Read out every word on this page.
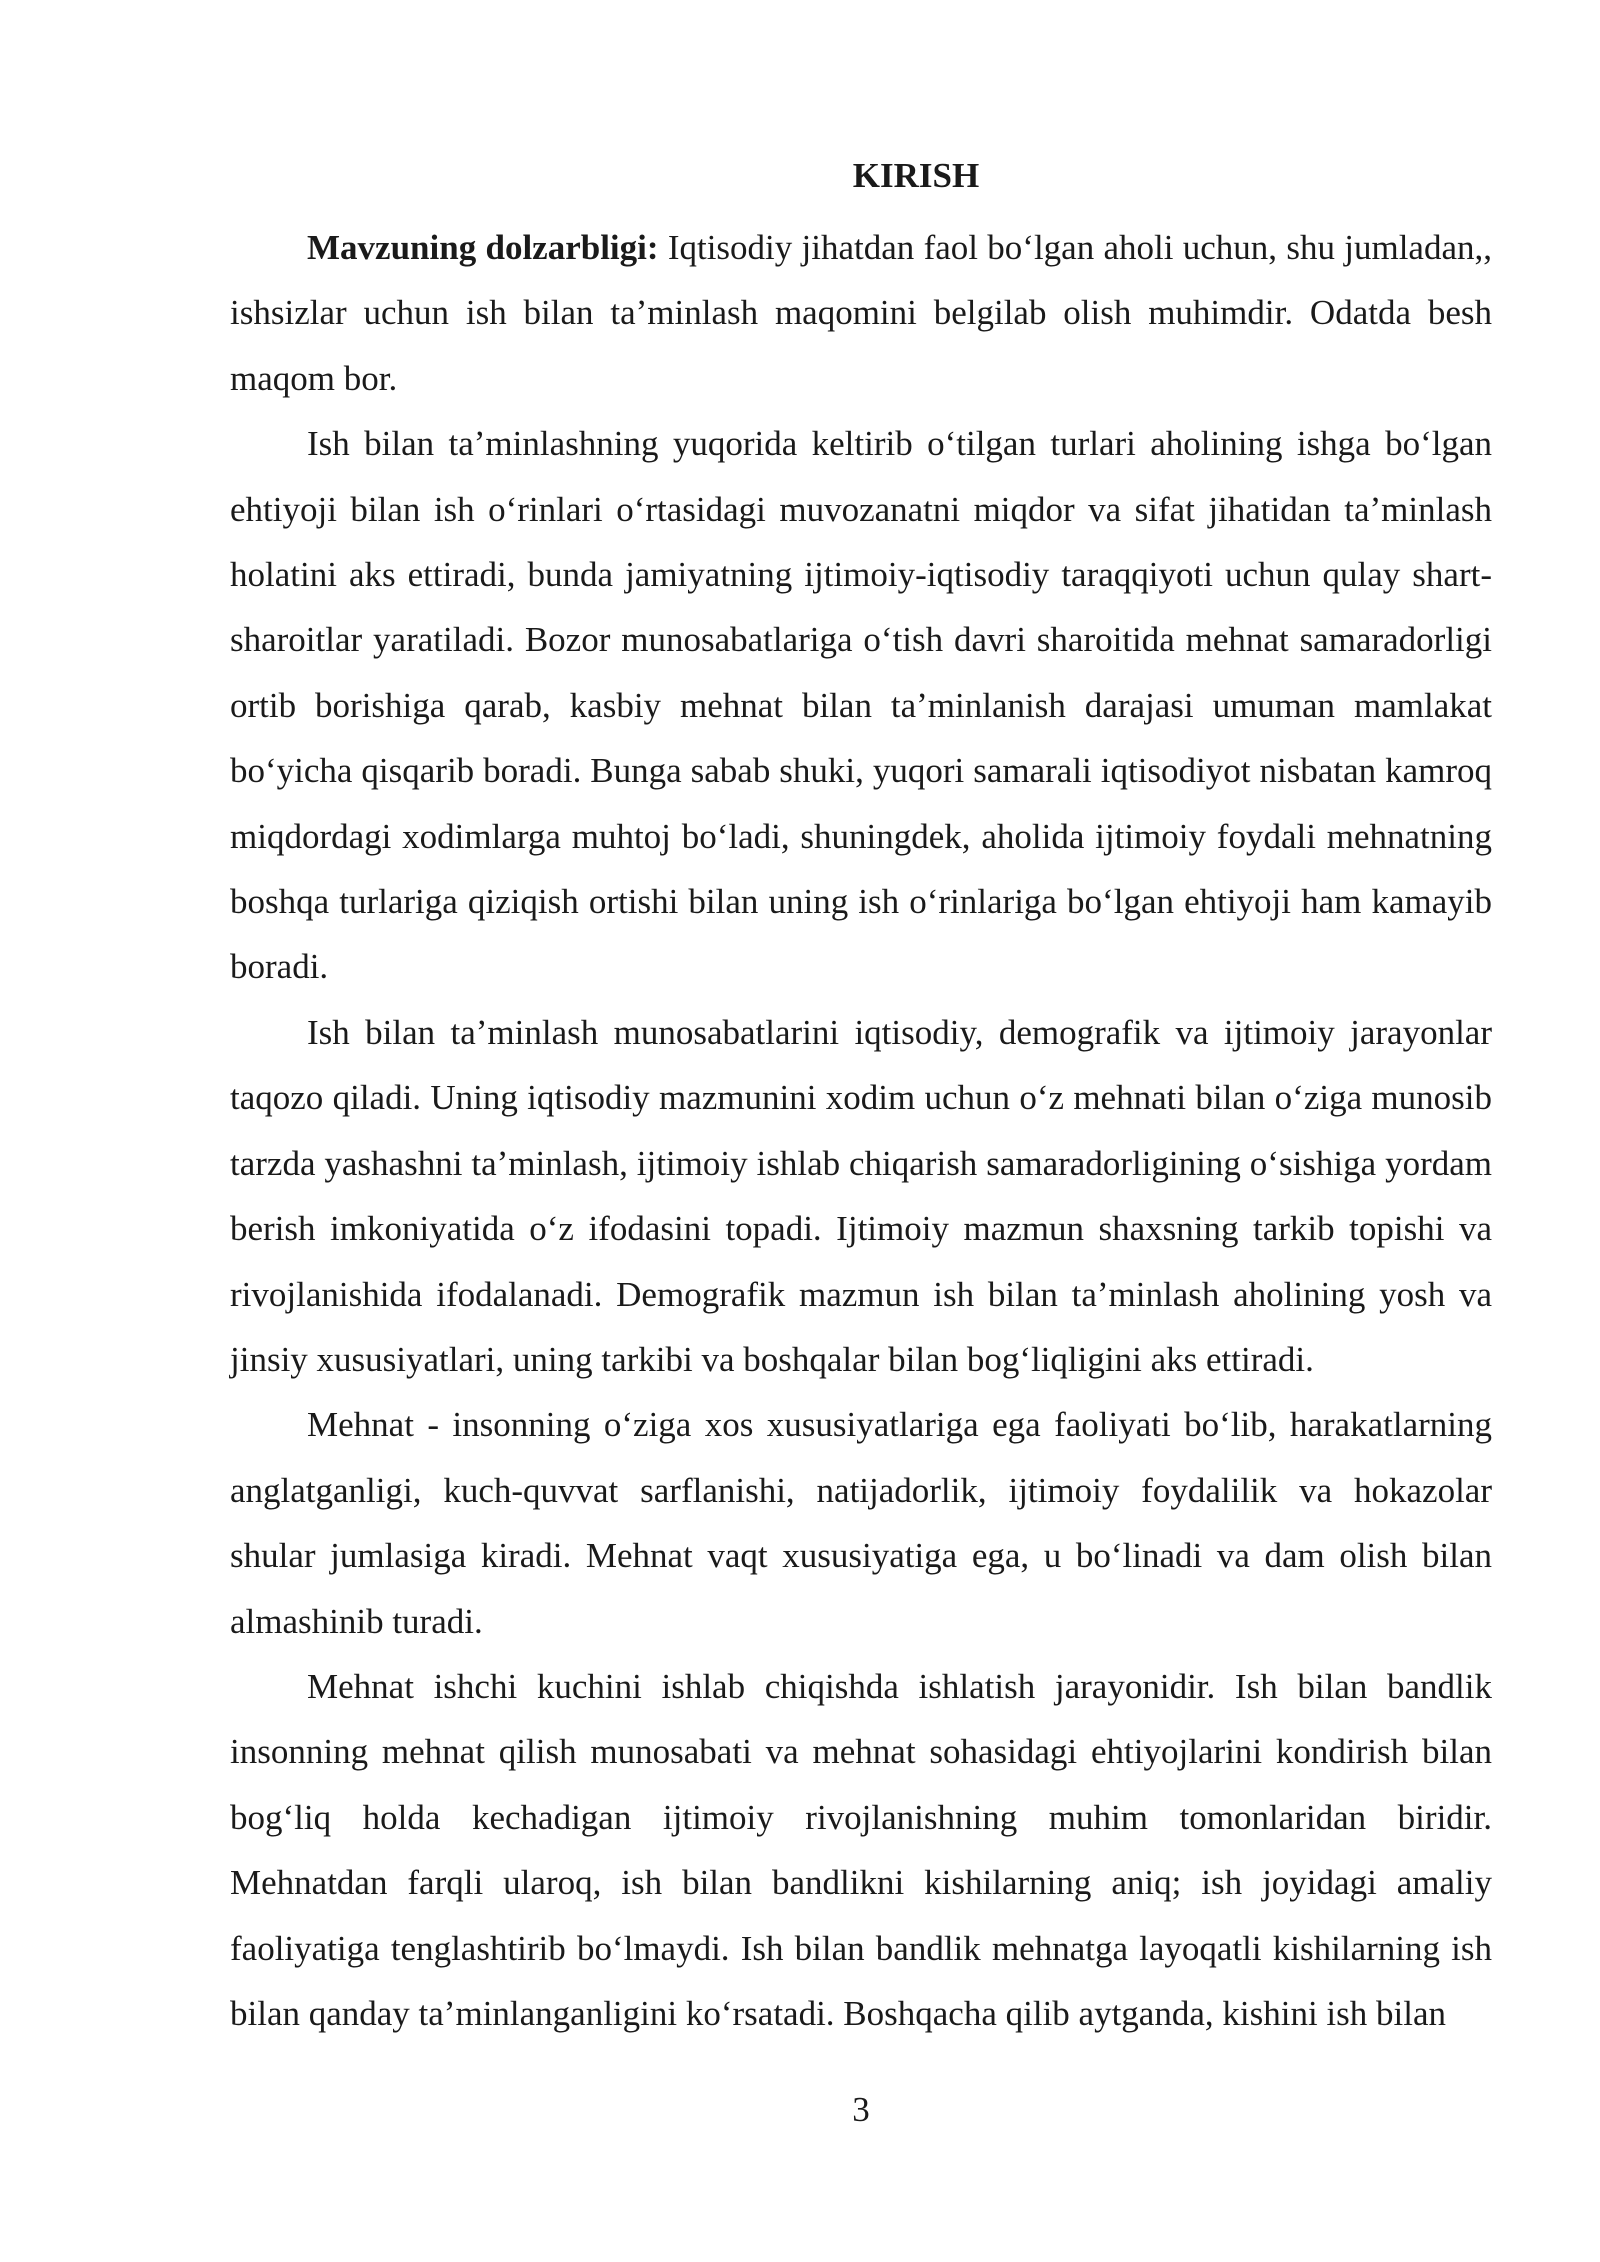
KIRISH

Mavzuning dolzarbligi: Iqtisodiy jihatdan faol boʻlgan aholi uchun, shu jumladan,, ishsizlar uchun ish bilan taʼminlash maqomini belgilab olish muhimdir. Odatda besh maqom bor.

Ish bilan taʼminlashning yuqorida keltirib oʻtilgan turlari aholining ishga boʻlgan ehtiyoji bilan ish oʻrinlari oʻrtasidagi muvozanatni miqdor va sifat jihatidan taʼminlash holatini aks ettiradi, bunda jamiyatning ijtimoiy-iqtisodiy taraqqiyoti uchun qulay shart-sharoitlar yaratiladi. Bozor munosabatlariga oʻtish davri sharoitida mehnat samaradorligi ortib borishiga qarab, kasbiy mehnat bilan taʼminlanish darajasi umuman mamlakat boʻyicha qisqarib boradi. Bunga sabab shuki, yuqori samarali iqtisodiyot nisbatan kamroq miqdordagi xodimlarga muhtoj boʻladi, shuningdek, aholida ijtimoiy foydali mehnatning boshqa turlariga qiziqish ortishi bilan uning ish oʻrinlariga boʻlgan ehtiyoji ham kamayib boradi.

Ish bilan taʼminlash munosabatlarini iqtisodiy, demografik va ijtimoiy jarayonlar taqozo qiladi. Uning iqtisodiy mazmunini xodim uchun oʻz mehnati bilan oʻziga munosib tarzda yashashni taʼminlash, ijtimoiy ishlab chiqarish samaradorligining oʻsishiga yordam berish imkoniyatida oʻz ifodasini topadi. Ijtimoiy mazmun shaxsning tarkib topishi va rivojlanishida ifodalanadi. Demografik mazmun ish bilan taʼminlash aholining yosh va jinsiy xususiyatlari, uning tarkibi va boshqalar bilan bogʻliqligini aks ettiradi.

Mehnat - insonning oʻziga xos xususiyatlariga ega faoliyati boʻlib, harakatlarning anglatganligi, kuch-quvvat sarflanishi, natijadorlik, ijtimoiy foydalilik va hokazolar shular jumlasiga kiradi. Mehnat vaqt xususiyatiga ega, u boʻlinadi va dam olish bilan almashinib turadi.

Mehnat ishchi kuchini ishlab chiqishda ishlatish jarayonidir. Ish bilan bandlik insonning mehnat qilish munosabati va mehnat sohasidagi ehtiyojlarini kondirish bilan bogʻliq holda kechadigan ijtimoiy rivojlanishning muhim tomonlaridan biridir. Mehnatdan farqli ularoq, ish bilan bandlikni kishilarning aniq; ish joyidagi amaliy faoliyatiga tenglashtirib boʻlmaydi. Ish bilan bandlik mehnatga layoqatli kishilarning ish bilan qanday taʼminlanganligini koʻrsatadi. Boshqacha qilib aytganda, kishini ish bilan

3
